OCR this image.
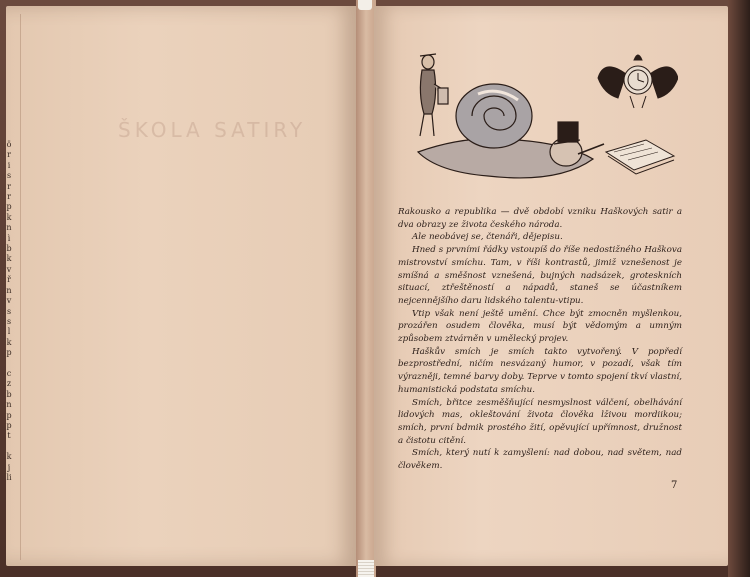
ŠKOLA SATIRY
ö
r
i
s
r
r
p
k
n
ì
b
k
v
ř
n
v
s
s
l
k
p

c
z
b
n
p
p
t

k
j
li

Rakousko a republika — dvě období vzniku Haškových satir a dva obrazy ze života českého národa.

Ale neobávej se, čtenáři, dějepisu.

Hned s prvními řádky vstoupíš do říše nedostižného Haškova mistrovství smíchu. Tam, v říši kontrastů, jimiž vznešenost je smíšná a směšnost vznešená, bujných nadsázek, groteskních situací, ztřeštěností a nápadů, staneš se účastníkem nejcennějšího daru lidského talentu-vtipu.

Vtip však není ještě umění. Chce být zmocněn myšlenkou, prozářen osudem člověka, musí být vědomým a umným způsobem ztvárněn v umělecký projev.

Haškův smích je smích takto vytvořený. V popředí bezprostřední, ničím nesvázaný humor, v pozadí, však tím výrazněji, temné barvy doby. Teprve v tomto spojení tkví vlastní, humanistická podstata smíchu.

Smích, břitce zesměšňující nesmyslnost válčení, obelhávání lidových mas, okleštování života člověka lživou mordiikou; smích, první bdmik prostého žití, opěvující upřímnost, družnost a čistotu citění.

Smích, který nutí k zamyšlení: nad dobou, nad světem, nad člověkem.

7
